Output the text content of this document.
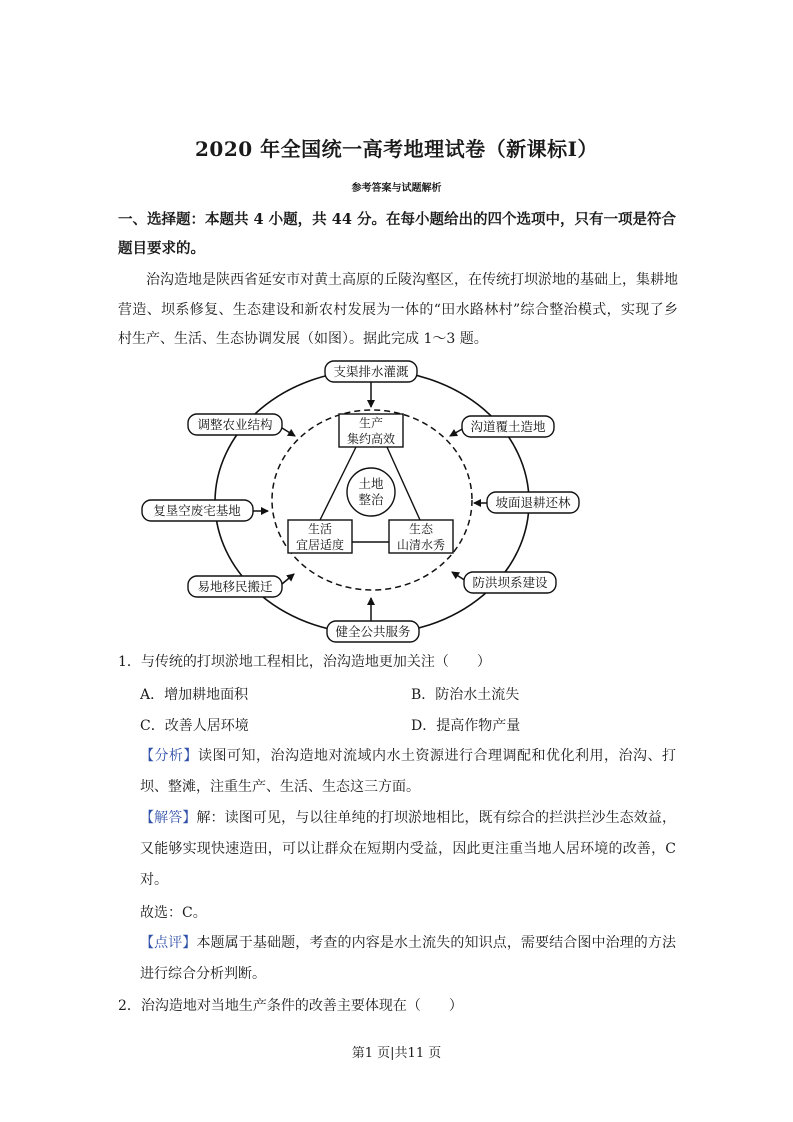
2020 年全国统一高考地理试卷（新课标Ⅰ）
参考答案与试题解析
一、选择题：本题共 4 小题，共 44 分。在每小题给出的四个选项中，只有一项是符合题目要求的。
治沟造地是陕西省延安市对黄土高原的丘陵沟壑区，在传统打坝淤地的基础上，集耕地营造、坝系修复、生态建设和新农村发展为一体的“田水路林村”综合整治模式，实现了乡村生产、生活、生态协调发展（如图）。据此完成 1～3 题。
土地
整治
生产
集约高效
生活
宜居适度
生态
山清水秀
支渠排水灌溉
调整农业结构	沟道覆土造地
复垦空废宅基地
坡面退耕还林
易地移民搬迁	防洪坝系建设
健全公共服务
1．与传统的打坝淤地工程相比，治沟造地更加关注（　　）
A．增加耕地面积	B．防治水土流失
C．改善人居环境	D．提高作物产量
【分析】读图可知，治沟造地对流域内水土资源进行合理调配和优化利用，治沟、打坝、整滩，注重生产、生活、生态这三方面。
【解答】解：读图可见，与以往单纯的打坝淤地相比，既有综合的拦洪拦沙生态效益，又能够实现快速造田，可以让群众在短期内受益，因此更注重当地人居环境的改善，C 对。
故选：C。
【点评】本题属于基础题，考查的内容是水土流失的知识点，需要结合图中治理的方法进行综合分析判断。
2．治沟造地对当地生产条件的改善主要体现在（　　）
第1 页|共11 页
